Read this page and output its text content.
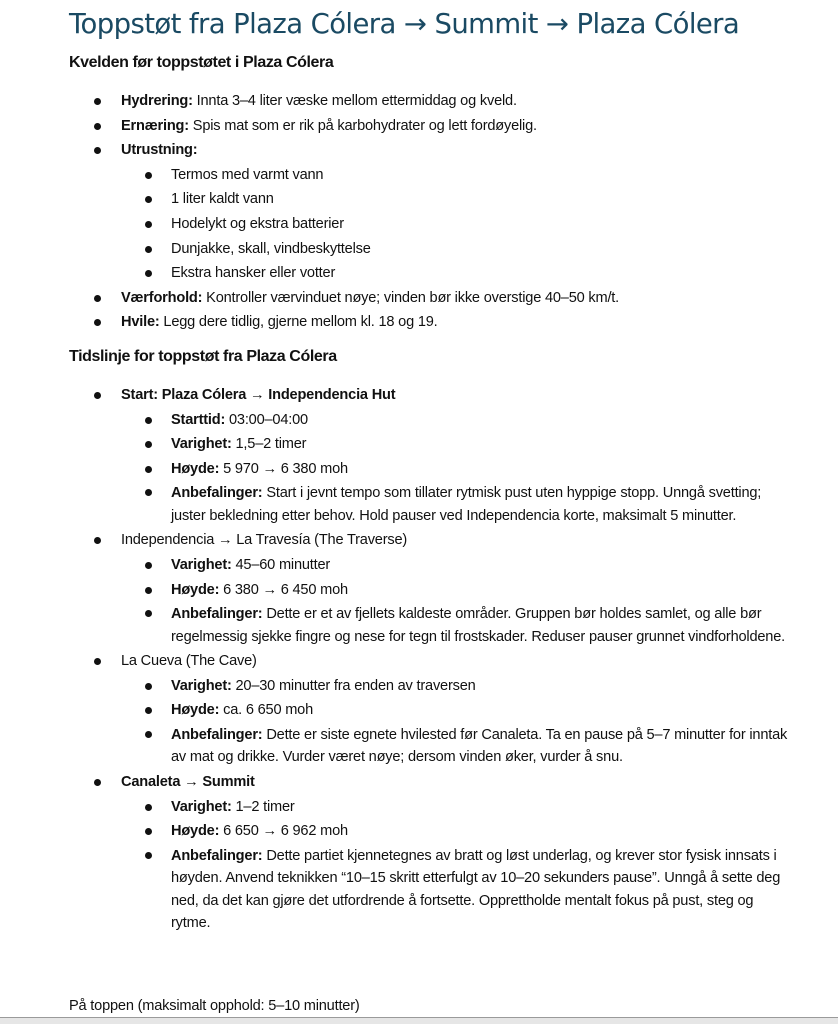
Toppstøt fra Plaza Cólera → Summit → Plaza Cólera
Kvelden før toppstøtet i Plaza Cólera
Hydrering: Innta 3–4 liter væske mellom ettermiddag og kveld.
Ernæring: Spis mat som er rik på karbohydrater og lett fordøyelig.
Utrustning:
Termos med varmt vann
1 liter kaldt vann
Hodelykt og ekstra batterier
Dunjakke, skall, vindbeskyttelse
Ekstra hansker eller votter
Værforhold: Kontroller værvinduet nøye; vinden bør ikke overstige 40–50 km/t.
Hvile: Legg dere tidlig, gjerne mellom kl. 18 og 19.
Tidslinje for toppstøt fra Plaza Cólera
Start: Plaza Cólera → Independencia Hut
Starttid: 03:00–04:00
Varighet: 1,5–2 timer
Høyde: 5 970 → 6 380 moh
Anbefalinger: Start i jevnt tempo som tillater rytmisk pust uten hyppige stopp. Unngå svetting; juster bekledning etter behov. Hold pauser ved Independencia korte, maksimalt 5 minutter.
Independencia → La Travesía (The Traverse)
Varighet: 45–60 minutter
Høyde: 6 380 → 6 450 moh
Anbefalinger: Dette er et av fjellets kaldeste områder. Gruppen bør holdes samlet, og alle bør regelmessig sjekke fingre og nese for tegn til frostskader. Reduser pauser grunnet vindforholdene.
La Cueva (The Cave)
Varighet: 20–30 minutter fra enden av traversen
Høyde: ca. 6 650 moh
Anbefalinger: Dette er siste egnete hvilested før Canaleta. Ta en pause på 5–7 minutter for inntak av mat og drikke. Vurder været nøye; dersom vinden øker, vurder å snu.
Canaleta → Summit
Varighet: 1–2 timer
Høyde: 6 650 → 6 962 moh
Anbefalinger: Dette partiet kjennetegnes av bratt og løst underlag, og krever stor fysisk innsats i høyden. Anvend teknikken “10–15 skritt etterfulgt av 10–20 sekunders pause”. Unngå å sette deg ned, da det kan gjøre det utfordrende å fortsette. Opprettholde mentalt fokus på pust, steg og rytme.
På toppen (maksimalt opphold: 5–10 minutter)
